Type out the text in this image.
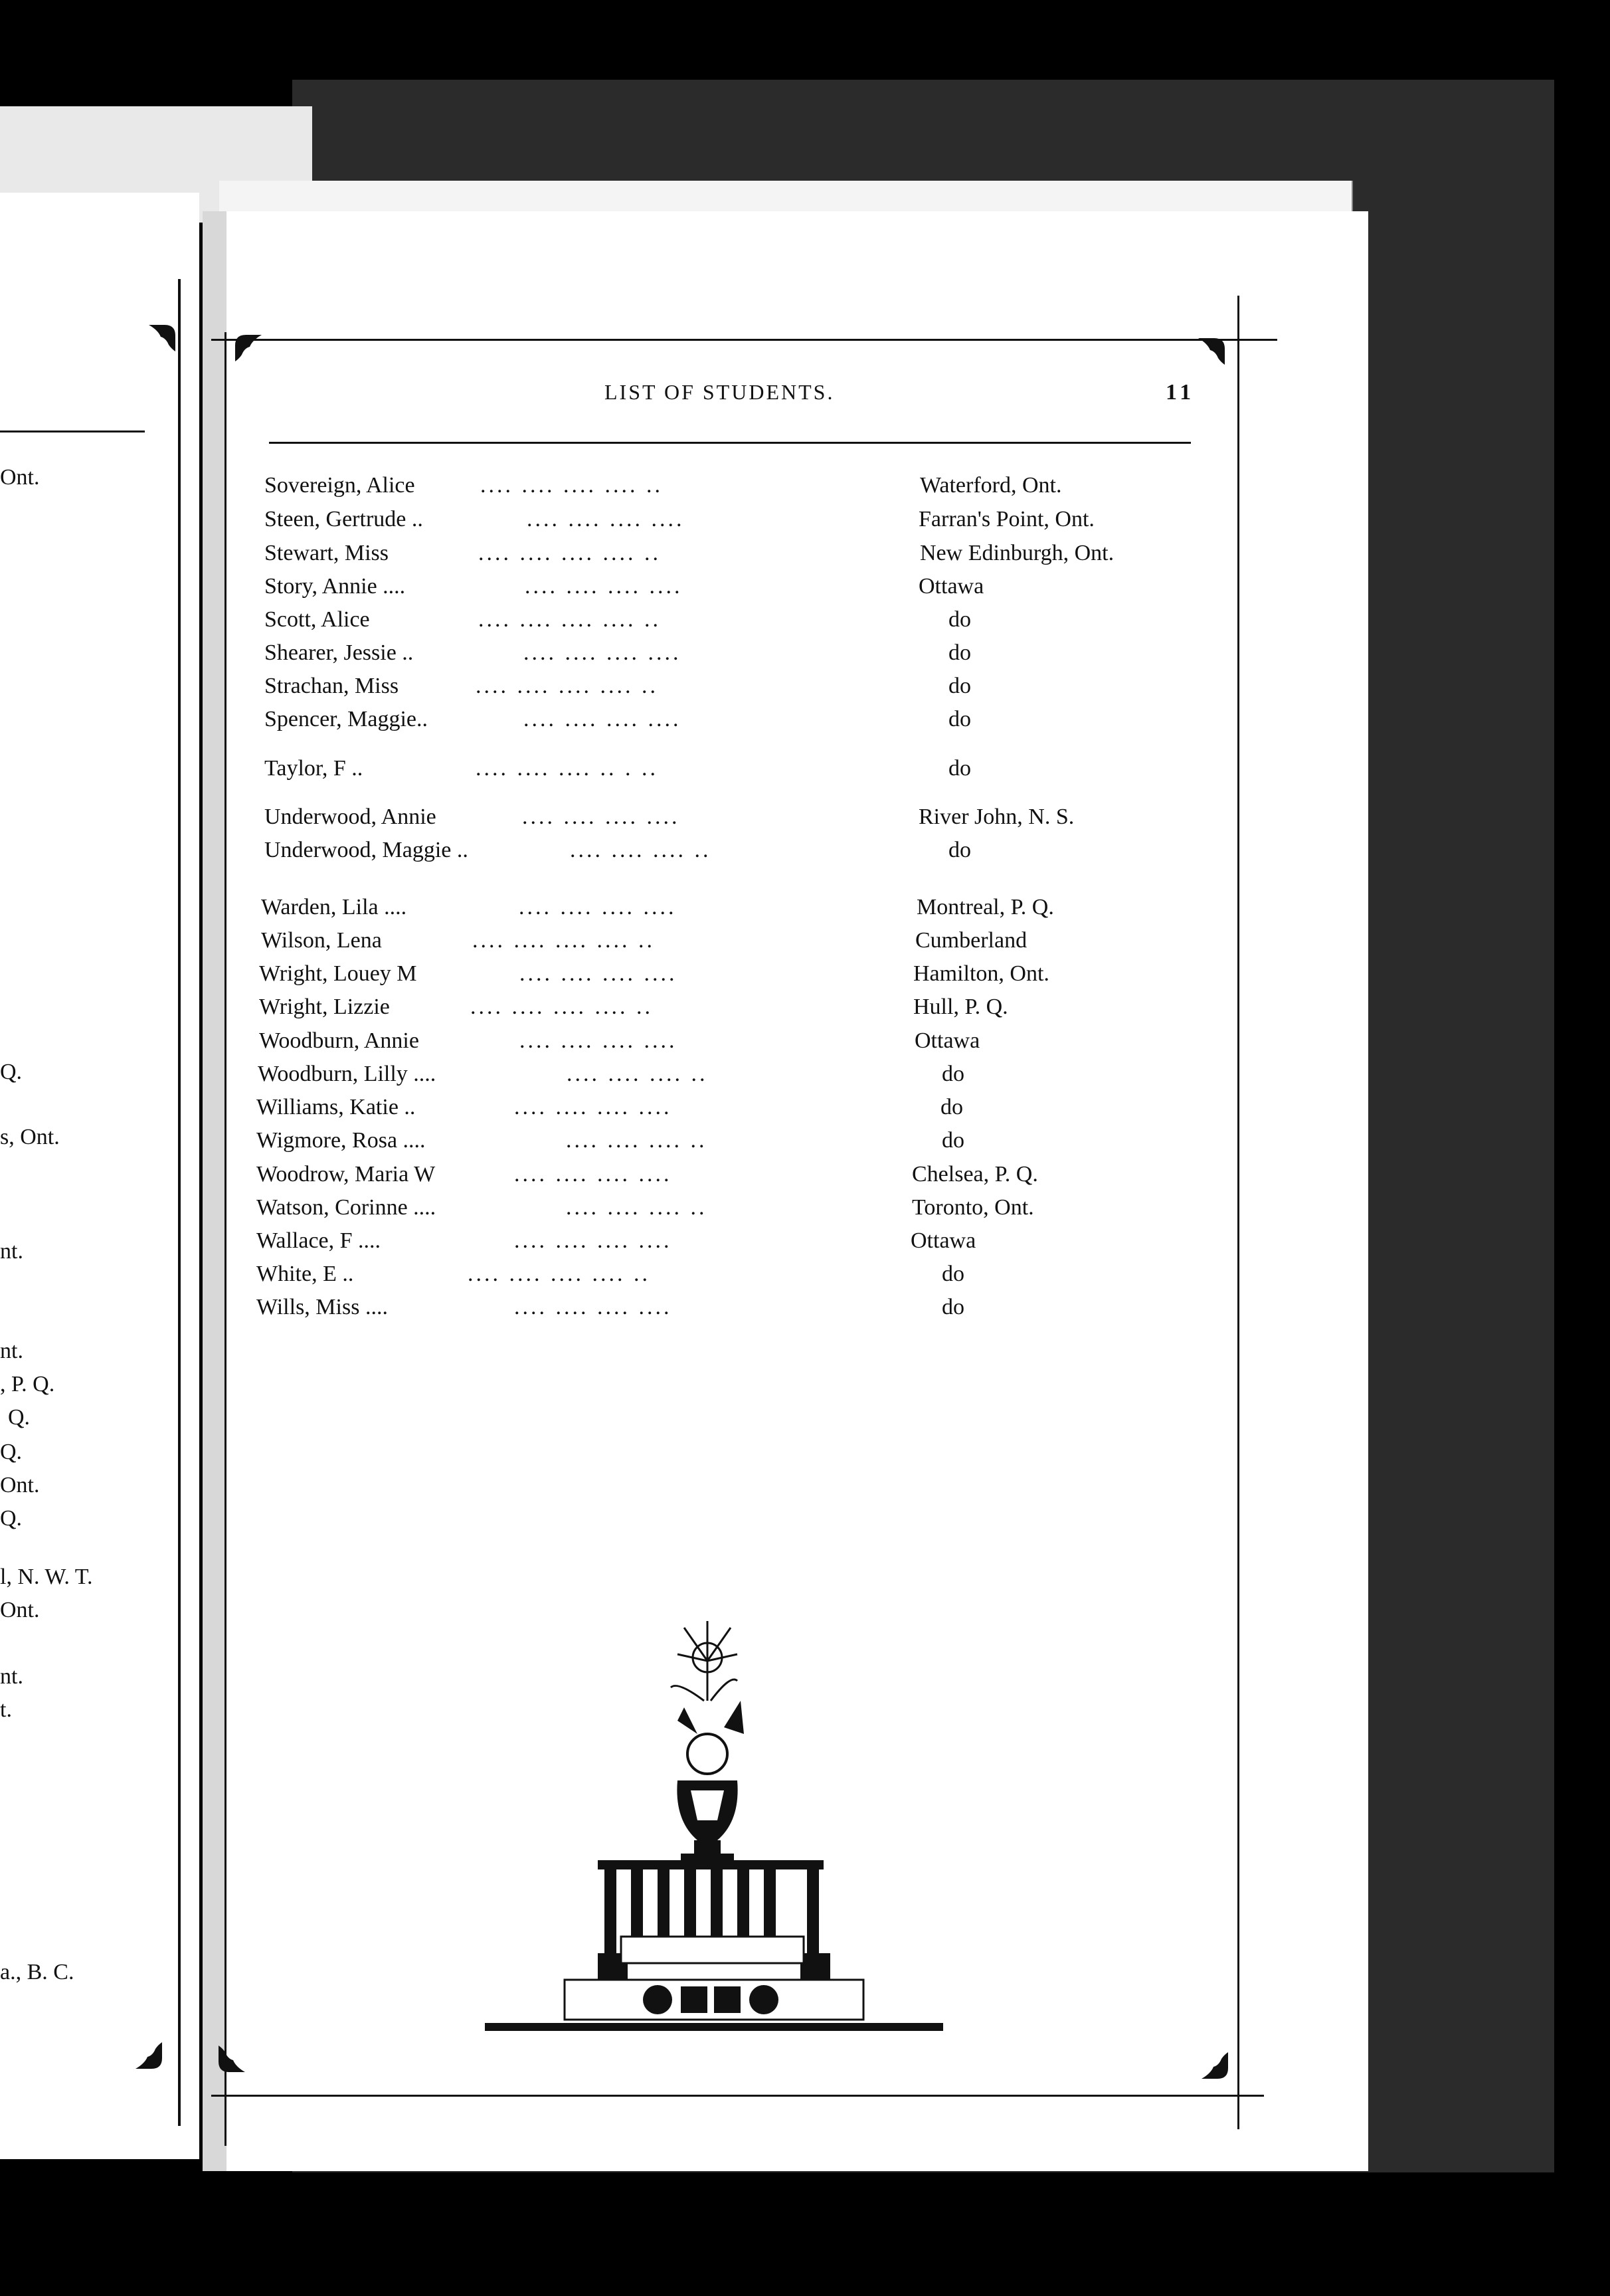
Ont.
Q.
s, Ont.
nt.
nt.
, P. Q.
Q.
Q.
Ont.
Q.
l, N. W. T.
Ont.
nt.
t.
a., B. C.
LIST OF STUDENTS.	11
Sovereign, Alice	.... .... .... .... ..	Waterford, Ont.
Steen, Gertrude ..	.... .... .... ....	Farran's Point, Ont.
Stewart, Miss	.... .... .... .... ..	New Edinburgh, Ont.
Story, Annie ....	.... .... .... ....	Ottawa
Scott, Alice	.... .... .... .... ..	do
Shearer, Jessie ..	.... .... .... ....	do
Strachan, Miss	.... .... .... .... ..	do
Spencer, Maggie..	.... .... .... ....	do
Taylor, F ..	.... .... .... .. . ..	do
Underwood, Annie	.... .... .... ....	River John, N. S.
Underwood, Maggie ..	.... .... .... ..	do
Warden, Lila ....	.... .... .... ....	Montreal, P. Q.
Wilson, Lena	.... .... .... .... ..	Cumberland
Wright, Louey M	.... .... .... ....	Hamilton, Ont.
Wright, Lizzie	.... .... .... .... ..	Hull, P. Q.
Woodburn, Annie	.... .... .... ....	Ottawa
Woodburn, Lilly ....	.... .... .... ..	do
Williams, Katie ..	.... .... .... ....	do
Wigmore, Rosa ....	.... .... .... ..	do
Woodrow, Maria W	.... .... .... ....	Chelsea, P. Q.
Watson, Corinne ....	.... .... .... ..	Toronto, Ont.
Wallace, F ....	.... .... .... ....	Ottawa
White, E ..	.... .... .... .... ..	do
Wills, Miss ....	.... .... .... ....	do
